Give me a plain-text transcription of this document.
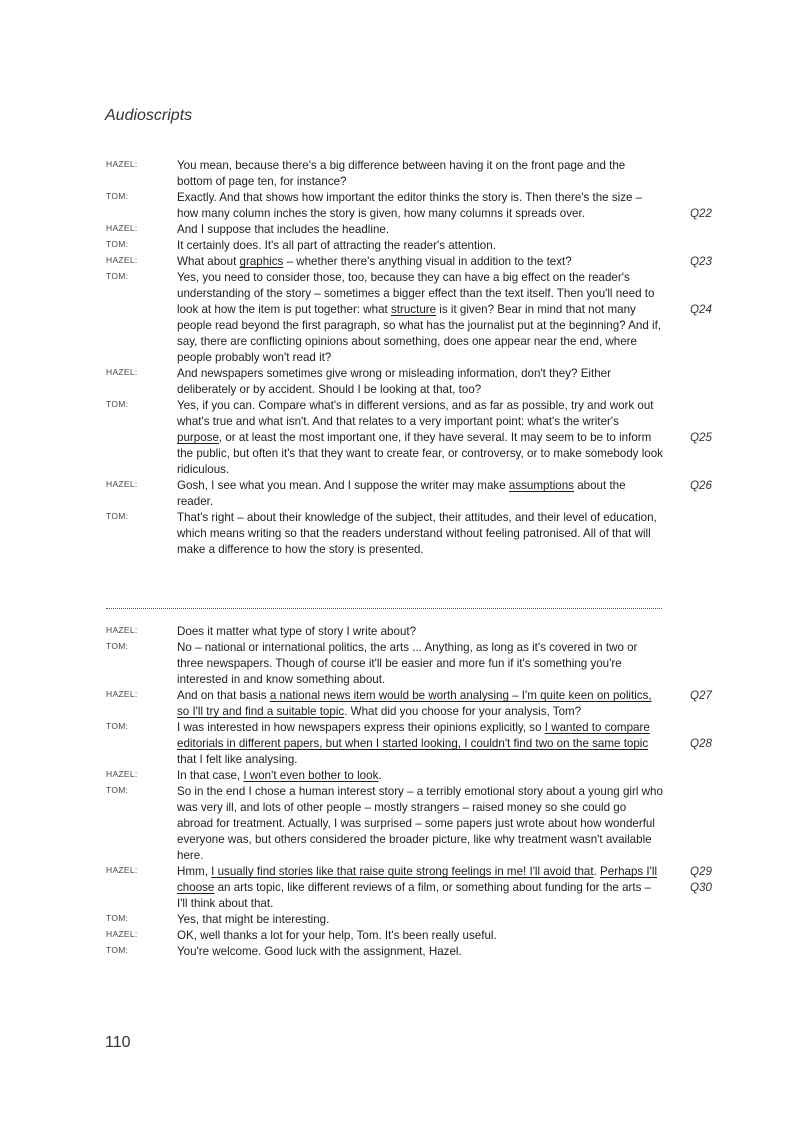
Audioscripts
HAZEL:	You mean, because there's a big difference between having it on the front page and the bottom of page ten, for instance?
TOM:	Exactly. And that shows how important the editor thinks the story is. Then there's the size – how many column inches the story is given, how many columns it spreads over.	Q22
HAZEL:	And I suppose that includes the headline.
TOM:	It certainly does. It's all part of attracting the reader's attention.
HAZEL:	What about graphics – whether there's anything visual in addition to the text?	Q23
TOM:	Yes, you need to consider those, too, because they can have a big effect on the reader's understanding of the story – sometimes a bigger effect than the text itself. Then you'll need to look at how the item is put together: what structure is it given? Bear in mind that not many people read beyond the first paragraph, so what has the journalist put at the beginning? And if, say, there are conflicting opinions about something, does one appear near the end, where people probably won't read it?
Q24
HAZEL:	And newspapers sometimes give wrong or misleading information, don't they? Either deliberately or by accident. Should I be looking at that, too?
TOM:	Yes, if you can. Compare what's in different versions, and as far as possible, try and work out what's true and what isn't. And that relates to a very important point: what's the writer's purpose, or at least the most important one, if they have several. It may seem to be to inform the public, but often it's that they want to create fear, or controversy, or to make somebody look ridiculous.
Q25
HAZEL:	Gosh, I see what you mean. And I suppose the writer may make assumptions about the reader.
Q26
TOM:	That's right – about their knowledge of the subject, their attitudes, and their level of education, which means writing so that the readers understand without feeling patronised. All of that will make a difference to how the story is presented.
HAZEL:	Does it matter what type of story I write about?
TOM:	No – national or international politics, the arts ... Anything, as long as it's covered in two or three newspapers. Though of course it'll be easier and more fun if it's something you're interested in and know something about.
HAZEL:	And on that basis a national news item would be worth analysing – I'm quite keen on politics, so I'll try and find a suitable topic. What did you choose for your analysis, Tom?
Q27
TOM:	I was interested in how newspapers express their opinions explicitly, so I wanted to compare editorials in different papers, but when I started looking, I couldn't find two on the same topic that I felt like analysing.
Q28
HAZEL:	In that case, I won't even bother to look.
TOM:	So in the end I chose a human interest story – a terribly emotional story about a young girl who was very ill, and lots of other people – mostly strangers – raised money so she could go abroad for treatment. Actually, I was surprised – some papers just wrote about how wonderful everyone was, but others considered the broader picture, like why treatment wasn't available here.
HAZEL:	Hmm, I usually find stories like that raise quite strong feelings in me! I'll avoid that. Perhaps I'll choose an arts topic, like different reviews of a film, or something about funding for the arts – I'll think about that.
Q29
Q30
TOM:	Yes, that might be interesting.
HAZEL:	OK, well thanks a lot for your help, Tom. It's been really useful.
TOM:	You're welcome. Good luck with the assignment, Hazel.
110
